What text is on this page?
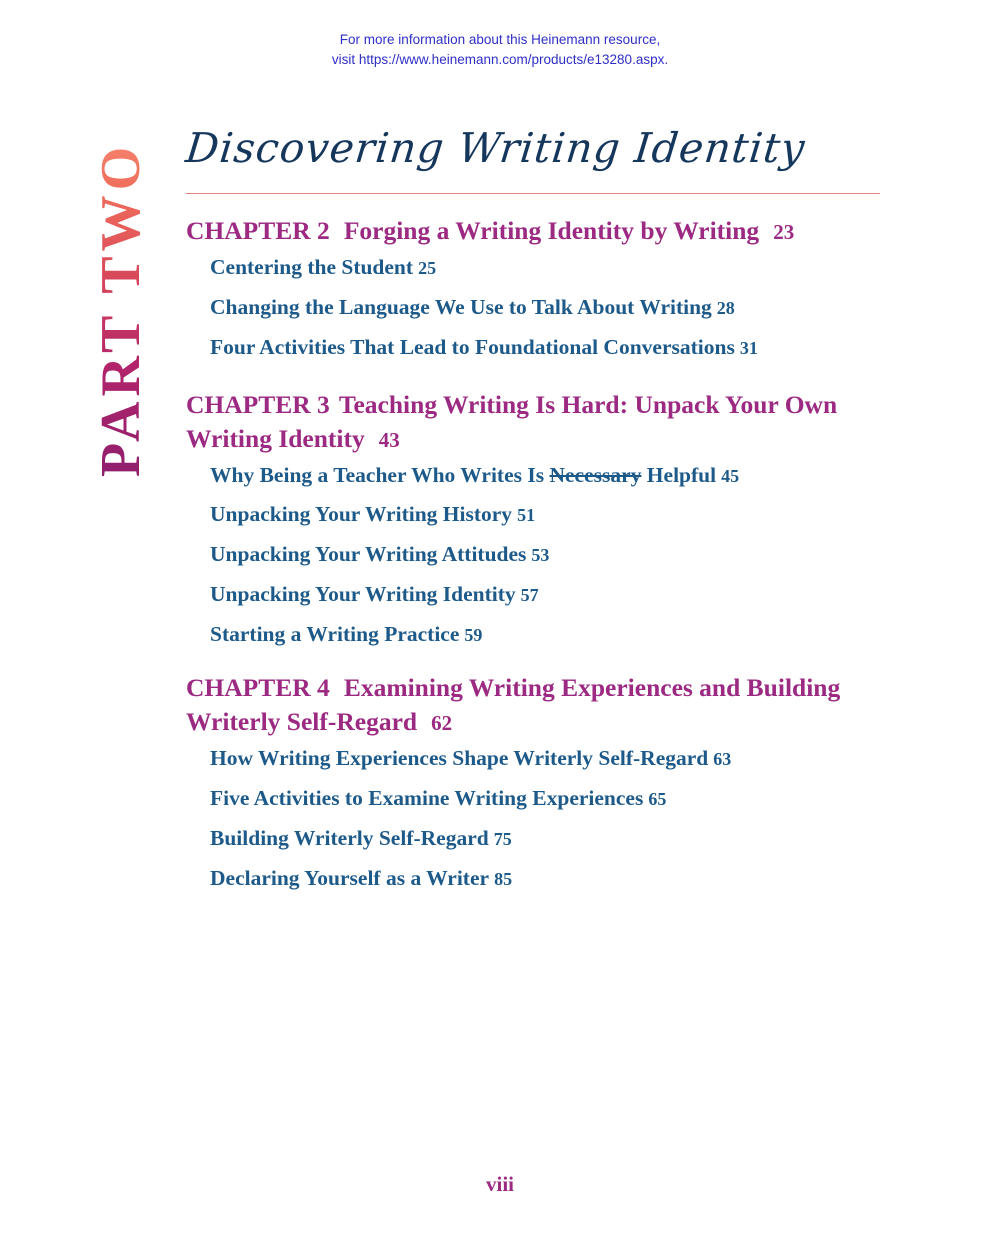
For more information about this Heinemann resource,
visit https://www.heinemann.com/products/e13280.aspx.
PART TWO Discovering Writing Identity
CHAPTER 2 Forging a Writing Identity by Writing 23
Centering the Student 25
Changing the Language We Use to Talk About Writing 28
Four Activities That Lead to Foundational Conversations 31
CHAPTER 3 Teaching Writing Is Hard: Unpack Your Own Writing Identity 43
Why Being a Teacher Who Writes Is Necessary Helpful 45
Unpacking Your Writing History 51
Unpacking Your Writing Attitudes 53
Unpacking Your Writing Identity 57
Starting a Writing Practice 59
CHAPTER 4 Examining Writing Experiences and Building Writerly Self-Regard 62
How Writing Experiences Shape Writerly Self-Regard 63
Five Activities to Examine Writing Experiences 65
Building Writerly Self-Regard 75
Declaring Yourself as a Writer 85
viii
